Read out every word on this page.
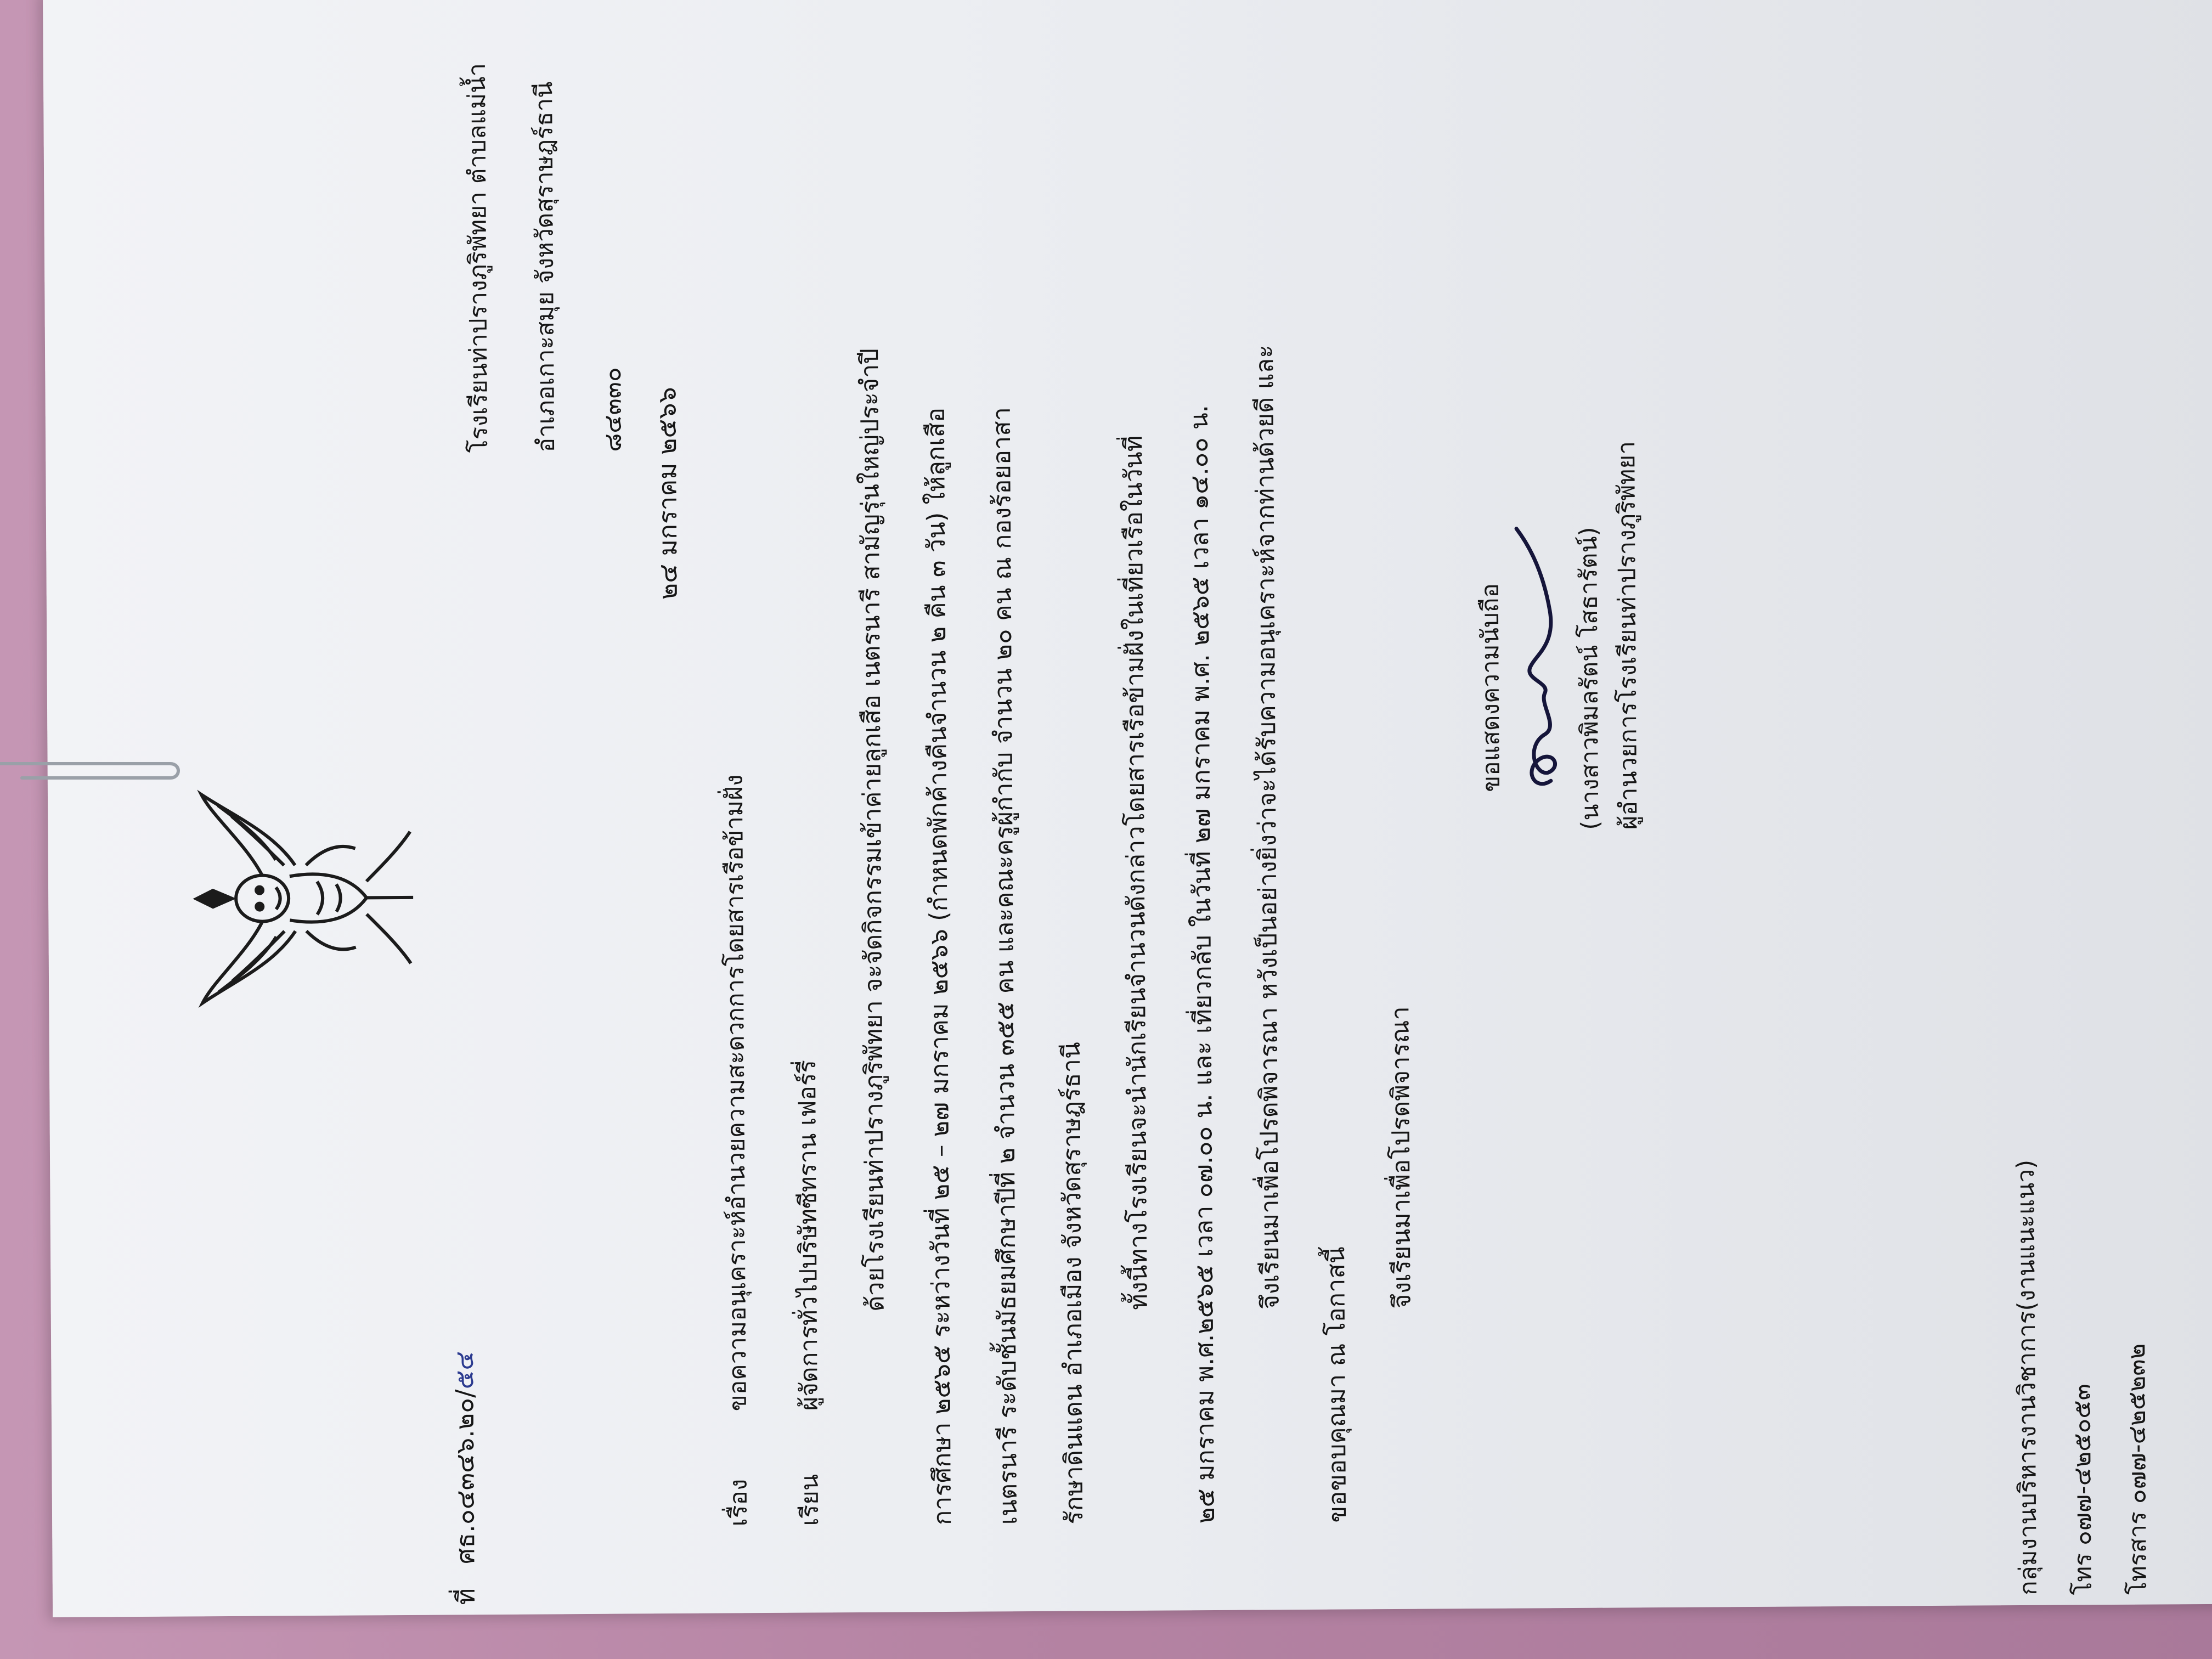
ที่   ศธ.๐๔๓๔๖.๒๐/๕๔
โรงเรียนท่าปรางภูริพัทยา ตำบลแม่น้ำ	อำเภอเกาะสมุย จังหวัดสุราษฎร์ธานี	๘๔๓๓๐ ๒๔ มกราคม ๒๕๖๖
เรื่อง
ขอความอนุเคราะห์อำนวยความสะดวกการโดยสารเรือข้ามฝั่ง
เรียน
ผู้จัดการทั่วไปบริษัทซีทราน เฟอร์รี่ ด้วยโรงเรียนท่าปรางภูริพัทยา จะจัดกิจกรรมเข้าค่ายลูกเสือ เนตรนารี สามัญรุ่นใหญ่ประจำปี การศึกษา ๒๕๖๕ ระหว่างวันที่ ๒๕ – ๒๗ มกราคม ๒๕๖๖ (กำหนดพักค้างคืนจำนวน ๒ คืน ๓ วัน) ให้ลูกเสือ เนตรนารี ระดับชั้นมัธยมศึกษาปีที่ ๒ จำนวน ๓๕๕ คน และคณะครูผู้กำกับ จำนวน ๒๐ คน ณ กองร้อยอาสา รักษาดินแดน อำเภอเมือง จังหวัดสุราษฎร์ธานี ทั้งนี้ทางโรงเรียนจะนำนักเรียนจำนวนดังกล่าวโดยสารเรือข้ามฝั่งในเที่ยวเรือในวันที่ ๒๕ มกราคม พ.ศ.๒๕๖๕ เวลา ๐๗.๐๐ น. และ เที่ยวกลับ ในวันที่ ๒๗ มกราคม พ.ศ. ๒๕๖๕ เวลา ๑๔.๐๐ น. จึงเรียนมาเพื่อโปรดพิจารณา หวังเป็นอย่างยิ่งว่าจะได้รับความอนุเคราะห์จากท่านด้วยดี และ
ขอขอบคุณมา ณ โอกาสนี้
จึงเรียนมาเพื่อโปรดพิจารณา
ขอแสดงความนับถือ	(นางสาวพิมลรัตน์ โสธารัตน์) ผู้อำนวยการโรงเรียนท่าปรางภูริพัทยา
กลุ่มงานบริหารงานวิชาการ(งานแนะแนว) โทร ๐๗๗-๔๒๕๐๕๓ โทรสาร ๐๗๗-๔๒๕๒๓๒
